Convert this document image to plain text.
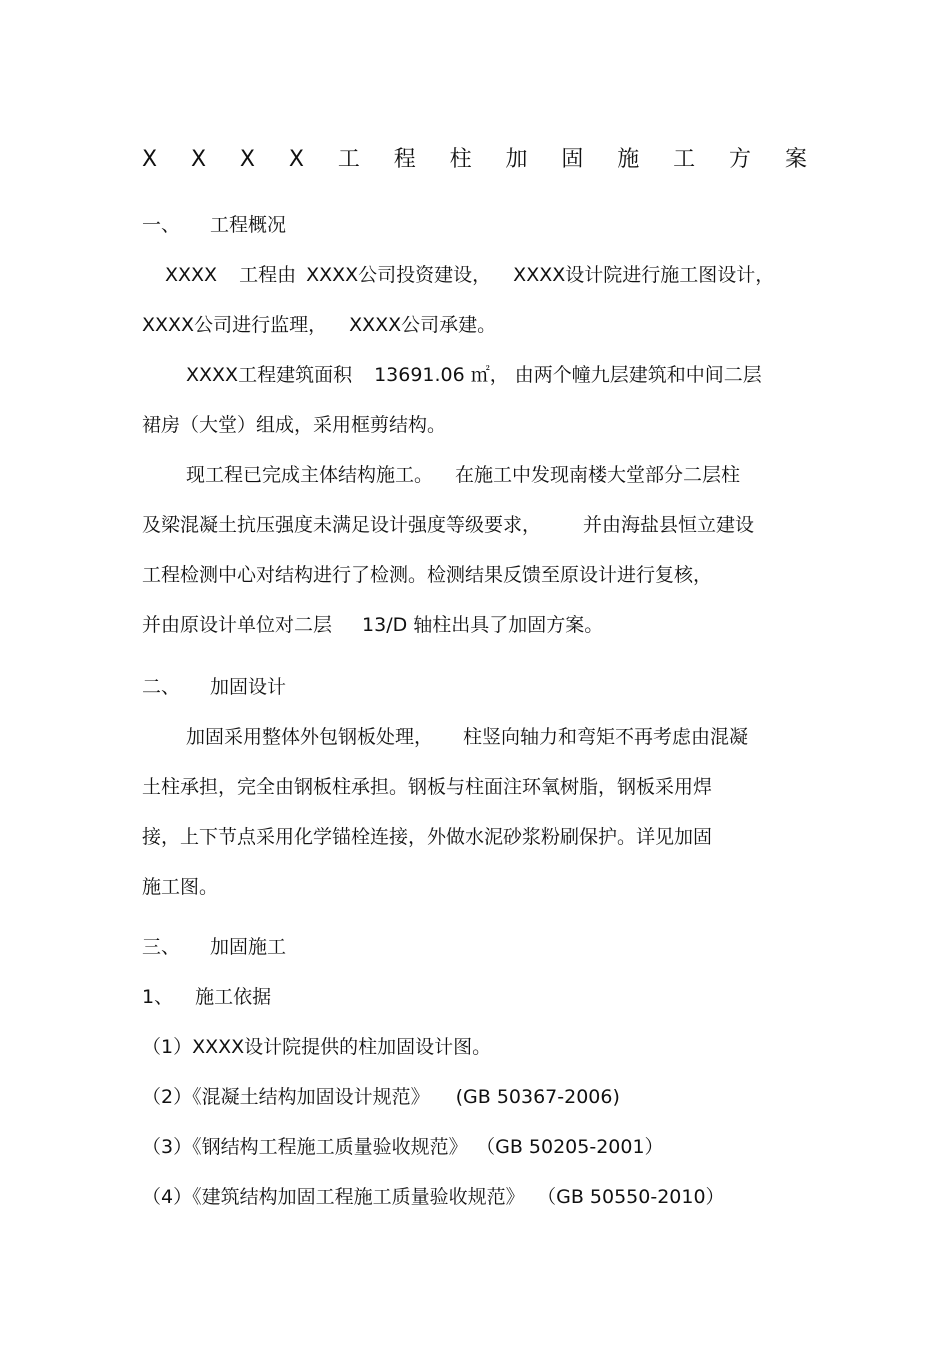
X X X X 工 程 柱 加 固 施 工 方 案
一、 工程概况
XXXX 工程由 XXXX公司投资建设， XXXX设计院进行施工图设计，
XXXX公司进行监理， XXXX公司承建。
XXXX工程建筑面积 13691.06 ㎡， 由两个幢九层建筑和中间二层
裙房（大堂）组成，采用框剪结构。
现工程已完成主体结构施工。 在施工中发现南楼大堂部分二层柱
及梁混凝土抗压强度未满足设计强度等级要求， 并由海盐县恒立建设
工程检测中心对结构进行了检测。检测结果反馈至原设计进行复核，
并由原设计单位对二层 13/D 轴柱出具了加固方案。
二、 加固设计
加固采用整体外包钢板处理， 柱竖向轴力和弯矩不再考虑由混凝
土柱承担，完全由钢板柱承担。钢板与柱面注环氧树脂，钢板采用焊
接，上下节点采用化学锚栓连接，外做水泥砂浆粉刷保护。详见加固
施工图。
三、 加固施工
1、 施工依据
（1）XXXX设计院提供的柱加固设计图。
（2）《混凝土结构加固设计规范》 (GB 50367-2006)
（3）《钢结构工程施工质量验收规范》 （GB 50205-2001）
（4）《建筑结构加固工程施工质量验收规范》 （GB 50550-2010）
